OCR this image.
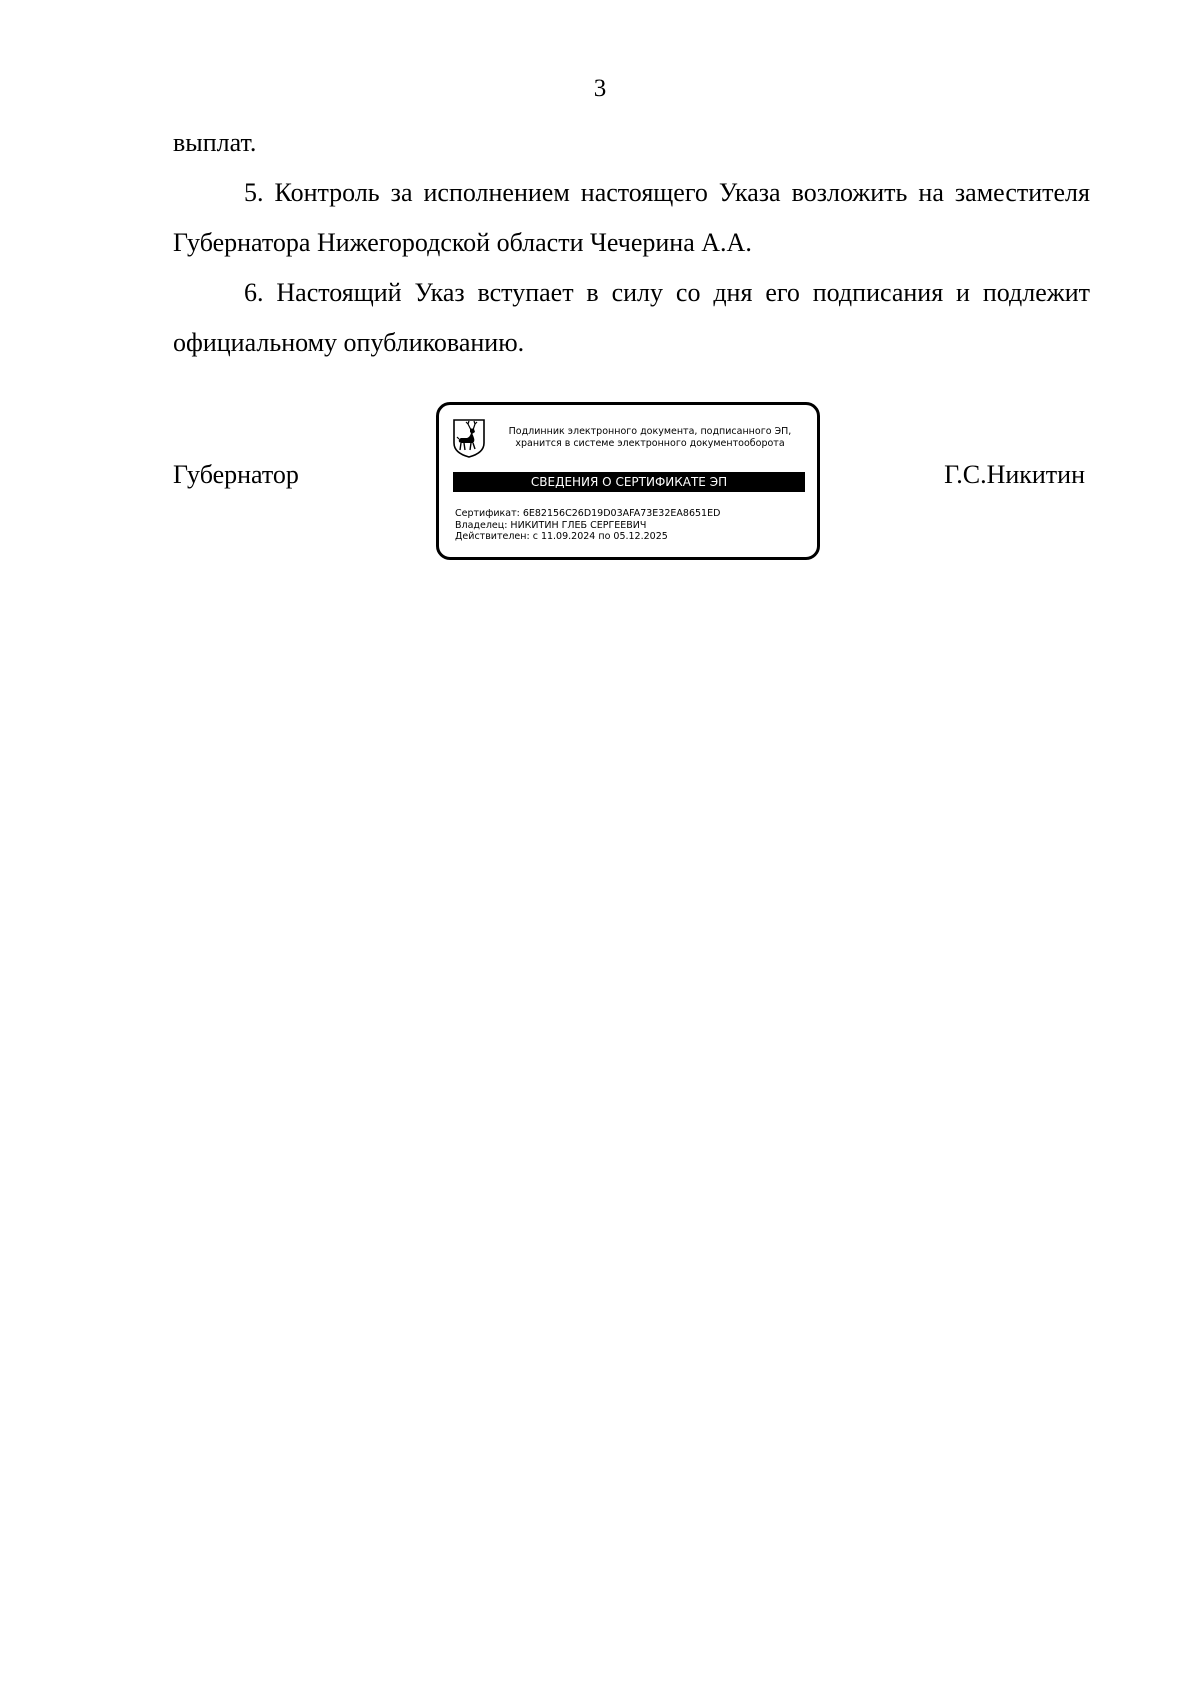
3

выплат.

5. Контроль за исполнением настоящего Указа возложить на заместителя Губернатора Нижегородской области Чечерина А.А.

6. Настоящий Указ вступает в силу со дня его подписания и подлежит официальному опубликованию.

Губернатор	Г.С.Никитин
Подлинник электронного документа, подписанного ЭП,
хранится в системе электронного документооборота
СВЕДЕНИЯ О СЕРТИФИКАТЕ ЭП
Сертификат: 6E82156C26D19D03AFA73E32EA8651ED
Владелец: НИКИТИН ГЛЕБ СЕРГЕЕВИЧ
Действителен: с 11.09.2024 по 05.12.2025
